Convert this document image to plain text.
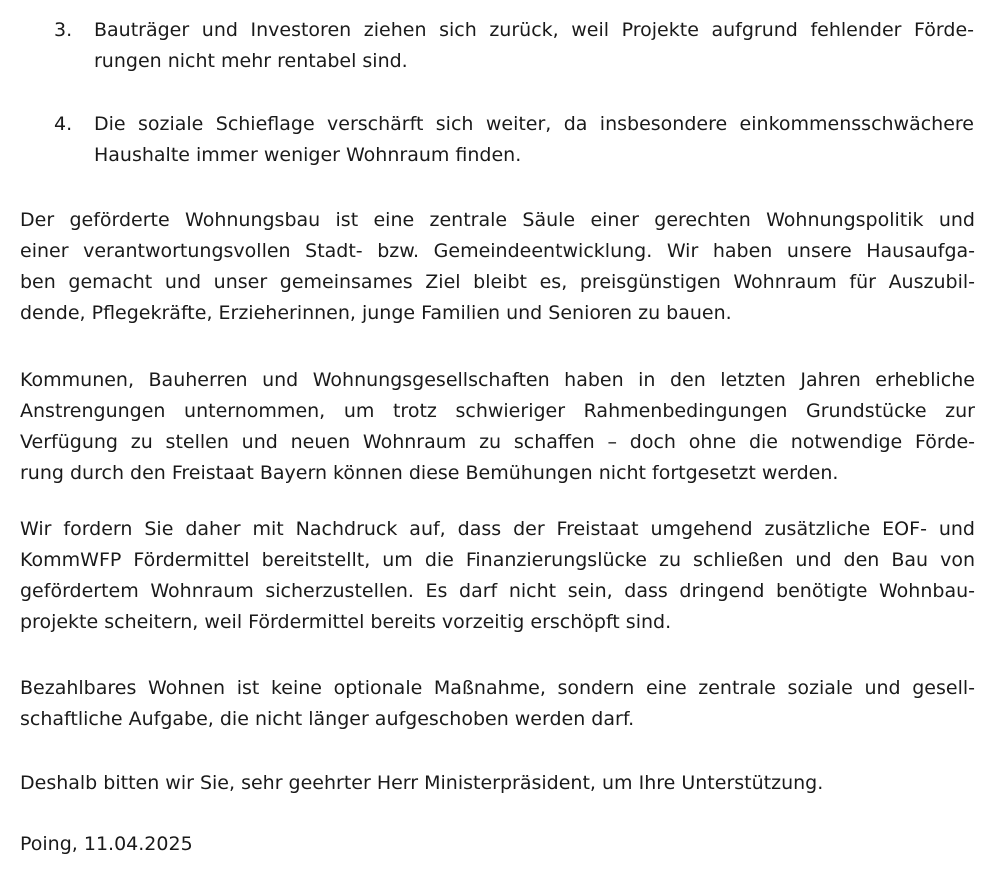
3. Bauträger und Investoren ziehen sich zurück, weil Projekte aufgrund fehlender Förde-
rungen nicht mehr rentabel sind.
4. Die soziale Schieflage verschärft sich weiter, da insbesondere einkommensschwächere
Haushalte immer weniger Wohnraum finden.
Der geförderte Wohnungsbau ist eine zentrale Säule einer gerechten Wohnungspolitik und
einer verantwortungsvollen Stadt- bzw. Gemeindeentwicklung. Wir haben unsere Hausaufga-
ben gemacht und unser gemeinsames Ziel bleibt es, preisgünstigen Wohnraum für Auszubil-
dende, Pflegekräfte, Erzieherinnen, junge Familien und Senioren zu bauen.
Kommunen, Bauherren und Wohnungsgesellschaften haben in den letzten Jahren erhebliche
Anstrengungen unternommen, um trotz schwieriger Rahmenbedingungen Grundstücke zur
Verfügung zu stellen und neuen Wohnraum zu schaffen – doch ohne die notwendige Förde-
rung durch den Freistaat Bayern können diese Bemühungen nicht fortgesetzt werden.
Wir fordern Sie daher mit Nachdruck auf, dass der Freistaat umgehend zusätzliche EOF- und
KommWFP Fördermittel bereitstellt, um die Finanzierungslücke zu schließen und den Bau von
gefördertem Wohnraum sicherzustellen. Es darf nicht sein, dass dringend benötigte Wohnbau-
projekte scheitern, weil Fördermittel bereits vorzeitig erschöpft sind.
Bezahlbares Wohnen ist keine optionale Maßnahme, sondern eine zentrale soziale und gesell-
schaftliche Aufgabe, die nicht länger aufgeschoben werden darf.
Deshalb bitten wir Sie, sehr geehrter Herr Ministerpräsident, um Ihre Unterstützung.
Poing, 11.04.2025
